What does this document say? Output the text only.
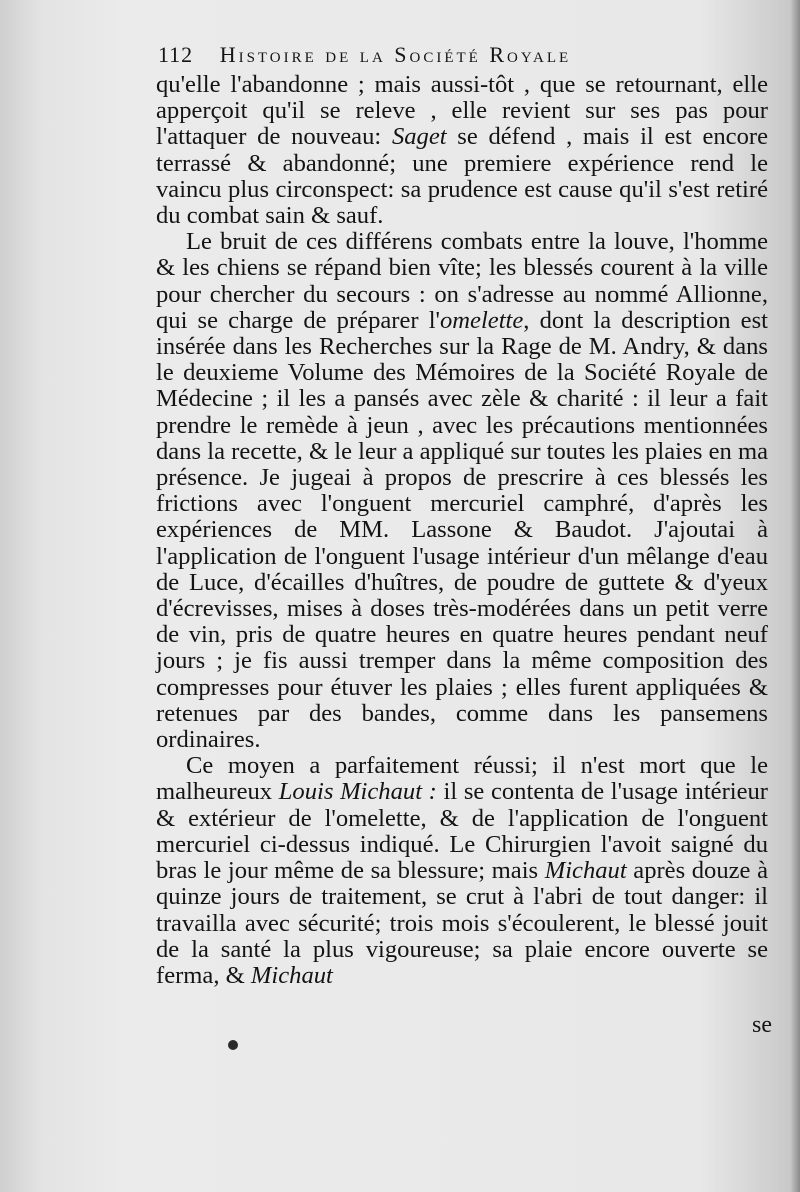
112 Histoire de la Société Royale

qu'elle l'abandonne ; mais aussi-tôt , que se retournant, elle apperçoit qu'il se releve , elle revient sur ses pas pour l'attaquer de nouveau: Saget se défend , mais il est encore terrassé & abandonné; une premiere expérience rend le vaincu plus circonspect: sa prudence est cause qu'il s'est retiré du combat sain & sauf.

Le bruit de ces différens combats entre la louve, l'homme & les chiens se répand bien vîte; les blessés courent à la ville pour chercher du secours : on s'adresse au nommé Allionne, qui se charge de préparer l'omelette, dont la description est insérée dans les Recherches sur la Rage de M. Andry, & dans le deuxieme Volume des Mémoires de la Société Royale de Médecine ; il les a pansés avec zèle & charité : il leur a fait prendre le remède à jeun , avec les précautions mentionnées dans la recette, & le leur a appliqué sur toutes les plaies en ma présence. Je jugeai à propos de prescrire à ces blessés les frictions avec l'onguent mercuriel camphré, d'après les expériences de MM. Lassone & Baudot. J'ajoutai à l'application de l'onguent l'usage intérieur d'un mêlange d'eau de Luce, d'écailles d'huîtres, de poudre de guttete & d'yeux d'écrevisses, mises à doses très-modérées dans un petit verre de vin, pris de quatre heures en quatre heures pendant neuf jours ; je fis aussi tremper dans la même composition des compresses pour étuver les plaies ; elles furent appliquées & retenues par des bandes, comme dans les pansemens ordinaires.

Ce moyen a parfaitement réussi; il n'est mort que le malheureux Louis Michaut : il se contenta de l'usage intérieur & extérieur de l'omelette, & de l'application de l'onguent mercuriel ci-dessus indiqué. Le Chirurgien l'avoit saigné du bras le jour même de sa blessure; mais Michaut après douze à quinze jours de traitement, se crut à l'abri de tout danger: il travailla avec sécurité; trois mois s'écoulerent, le blessé jouit de la santé la plus vigoureuse; sa plaie encore ouverte se ferma, & Michaut

se
